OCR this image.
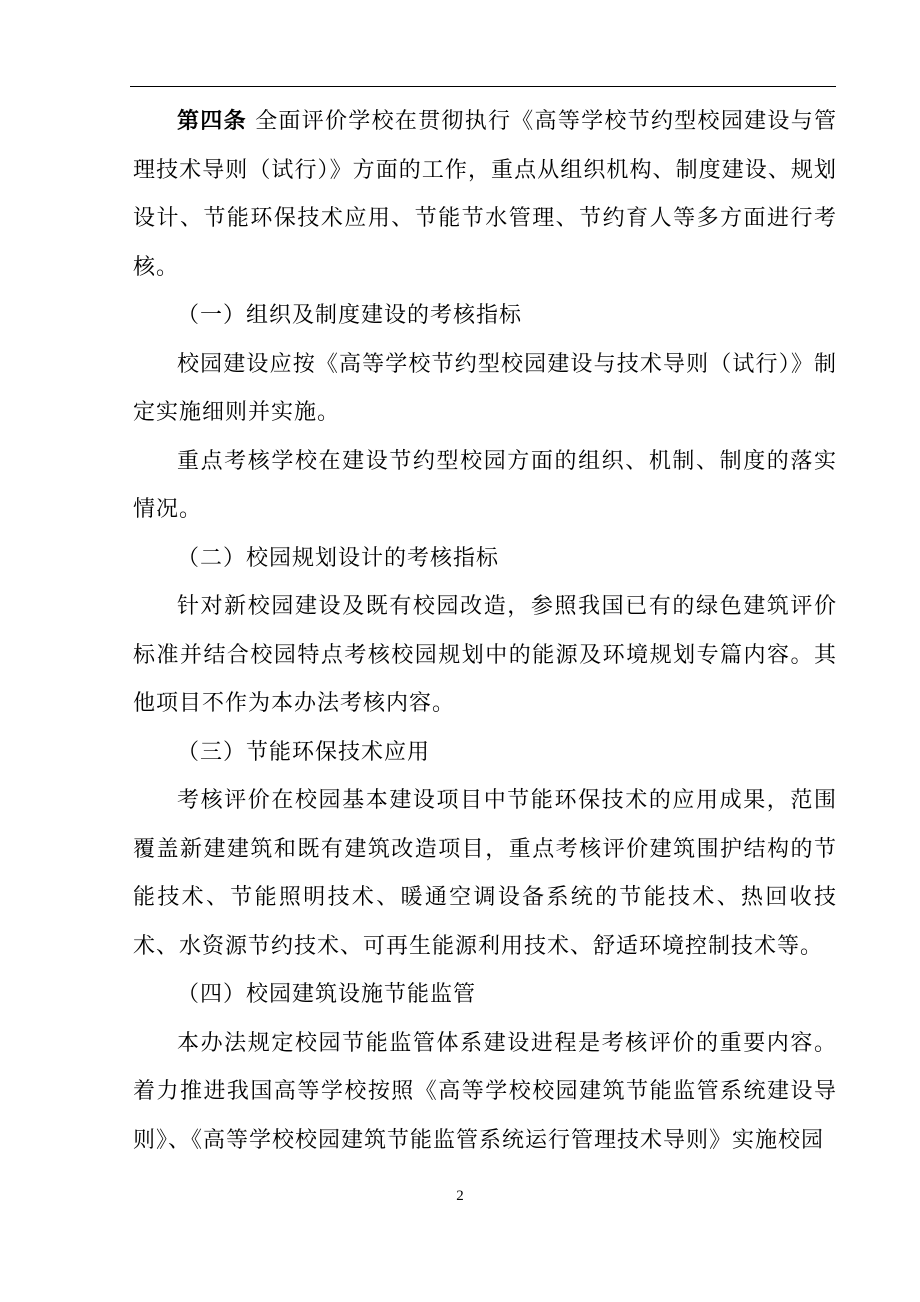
第四条 全面评价学校在贯彻执行《高等学校节约型校园建设与管理技术导则（试行）》方面的工作，重点从组织机构、制度建设、规划设计、节能环保技术应用、节能节水管理、节约育人等多方面进行考核。

（一）组织及制度建设的考核指标

校园建设应按《高等学校节约型校园建设与技术导则（试行）》制定实施细则并实施。

重点考核学校在建设节约型校园方面的组织、机制、制度的落实情况。

（二）校园规划设计的考核指标

针对新校园建设及既有校园改造，参照我国已有的绿色建筑评价标准并结合校园特点考核校园规划中的能源及环境规划专篇内容。其他项目不作为本办法考核内容。

（三）节能环保技术应用

考核评价在校园基本建设项目中节能环保技术的应用成果，范围覆盖新建建筑和既有建筑改造项目，重点考核评价建筑围护结构的节能技术、节能照明技术、暖通空调设备系统的节能技术、热回收技术、水资源节约技术、可再生能源利用技术、舒适环境控制技术等。

（四）校园建筑设施节能监管

本办法规定校园节能监管体系建设进程是考核评价的重要内容。着力推进我国高等学校按照《高等学校校园建筑节能监管系统建设导则》、《高等学校校园建筑节能监管系统运行管理技术导则》实施校园

2
